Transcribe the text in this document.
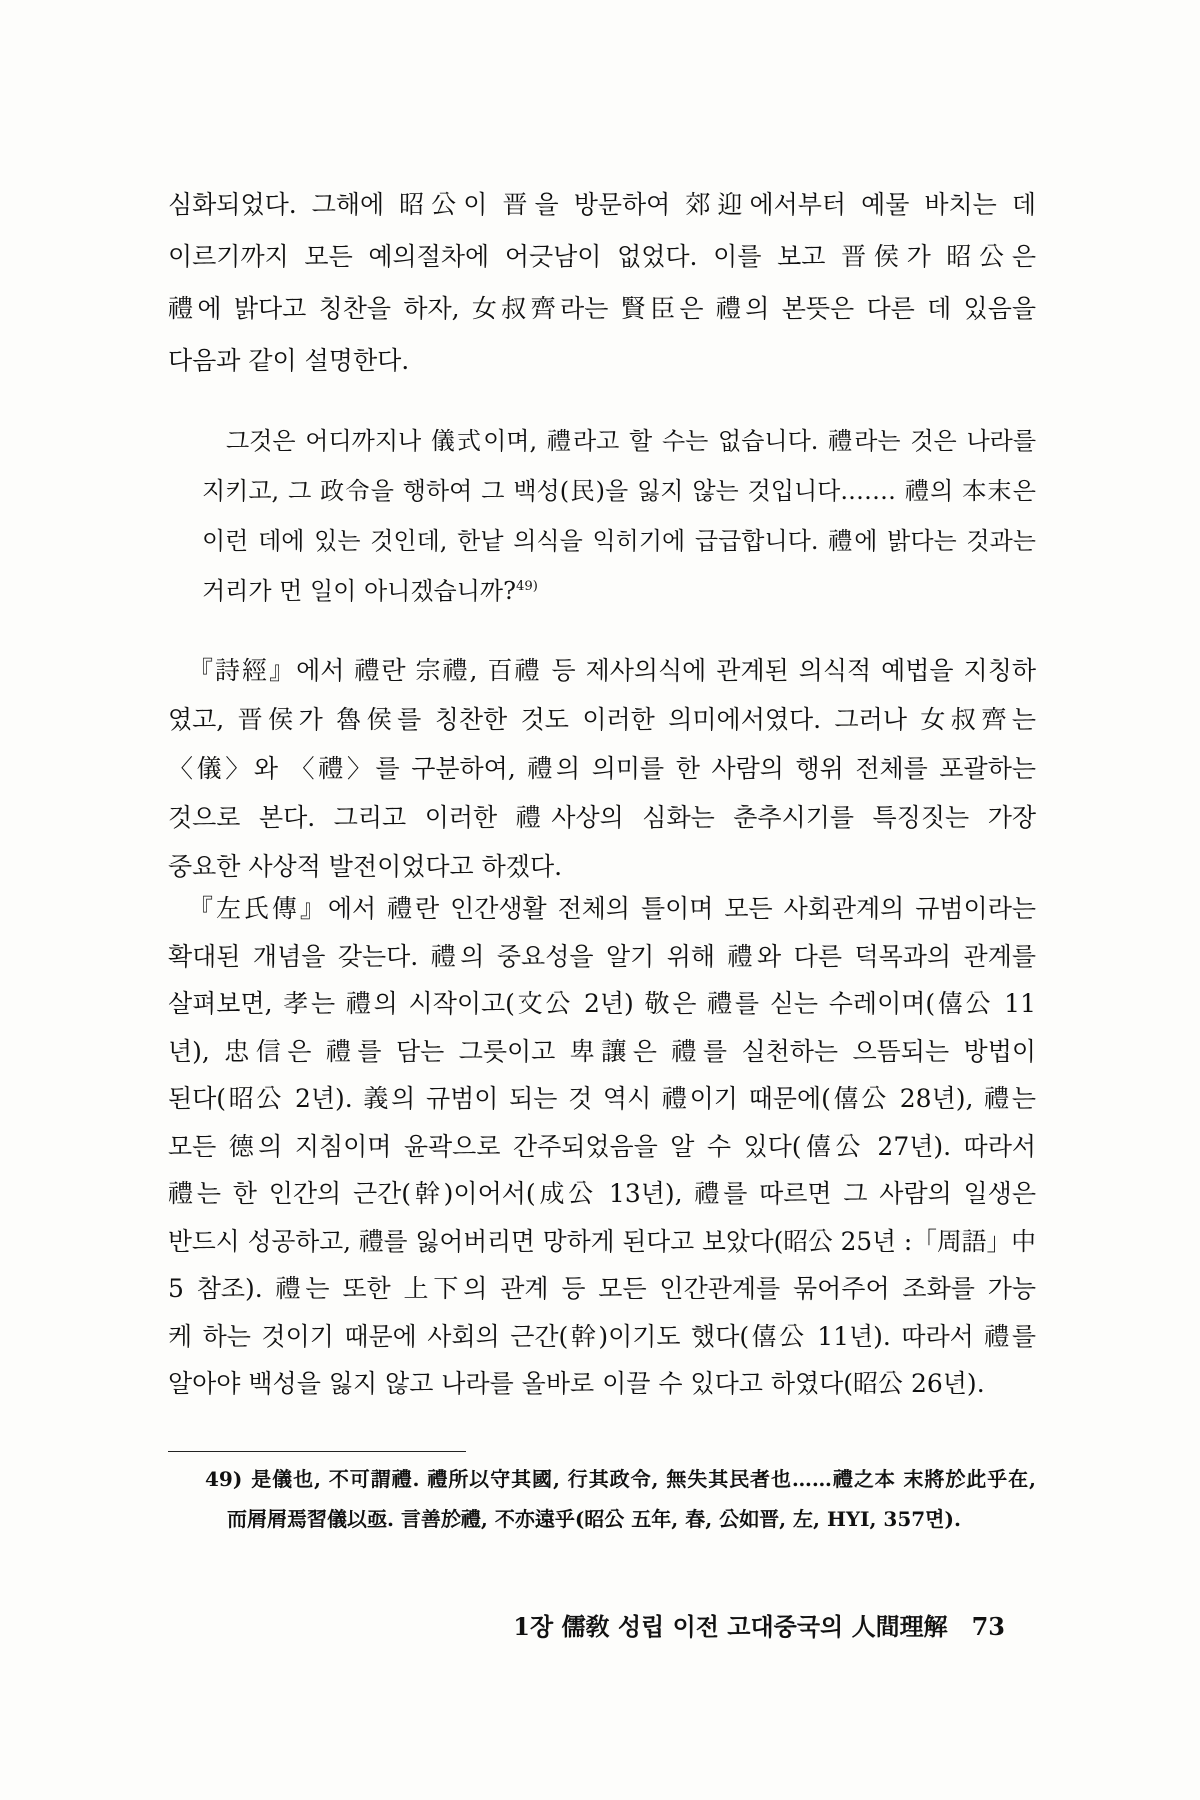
심화되었다. 그해에 昭公이 晋을 방문하여 郊迎에서부터 예물 바치는 데
이르기까지 모든 예의절차에 어긋남이 없었다. 이를 보고 晋侯가 昭公은
禮에 밝다고 칭찬을 하자, 女叔齊라는 賢臣은 禮의 본뜻은 다른 데 있음을
다음과 같이 설명한다.
그것은 어디까지나 儀式이며, 禮라고 할 수는 없습니다. 禮라는 것은 나라를
지키고, 그 政令을 행하여 그 백성(民)을 잃지 않는 것입니다.…… 禮의 本末은
이런 데에 있는 것인데, 한낱 의식을 익히기에 급급합니다. 禮에 밝다는 것과는
거리가 먼 일이 아니겠습니까?$^{49)}$
『詩經』에서 禮란 宗禮, 百禮 등 제사의식에 관계된 의식적 예법을 지칭하
였고, 晋侯가 魯侯를 칭찬한 것도 이러한 의미에서였다. 그러나 女叔齊는
〈儀〉와 〈禮〉를 구분하여, 禮의 의미를 한 사람의 행위 전체를 포괄하는
것으로 본다. 그리고 이러한 禮사상의 심화는 춘추시기를 특징짓는 가장
중요한 사상적 발전이었다고 하겠다.
『左氏傳』에서 禮란 인간생활 전체의 틀이며 모든 사회관계의 규범이라는
확대된 개념을 갖는다. 禮의 중요성을 알기 위해 禮와 다른 덕목과의 관계를
살펴보면, 孝는 禮의 시작이고(文公 2년) 敬은 禮를 싣는 수레이며(僖公 11
년), 忠信은 禮를 담는 그릇이고 卑讓은 禮를 실천하는 으뜸되는 방법이
된다(昭公 2년). 義의 규범이 되는 것 역시 禮이기 때문에(僖公 28년), 禮는
모든 德의 지침이며 윤곽으로 간주되었음을 알 수 있다(僖公 27년). 따라서
禮는 한 인간의 근간(幹)이어서(成公 13년), 禮를 따르면 그 사람의 일생은
반드시 성공하고, 禮를 잃어버리면 망하게 된다고 보았다(昭公 25년 :「周語」中
5 참조). 禮는 또한 上下의 관계 등 모든 인간관계를 묶어주어 조화를 가능
케 하는 것이기 때문에 사회의 근간(幹)이기도 했다(僖公 11년). 따라서 禮를
알아야 백성을 잃지 않고 나라를 올바로 이끌 수 있다고 하였다(昭公 26년).
49) 是儀也, 不可謂禮. 禮所以守其國, 行其政令, 無失其民者也……禮之本 末將於此乎在,
而屑屑焉習儀以亟. 言善於禮, 不亦遠乎(昭公 五年, 春, 公如晋, 左, HYI, 357면).
1장 儒敎 성립 이전 고대중국의 人間理解 73
